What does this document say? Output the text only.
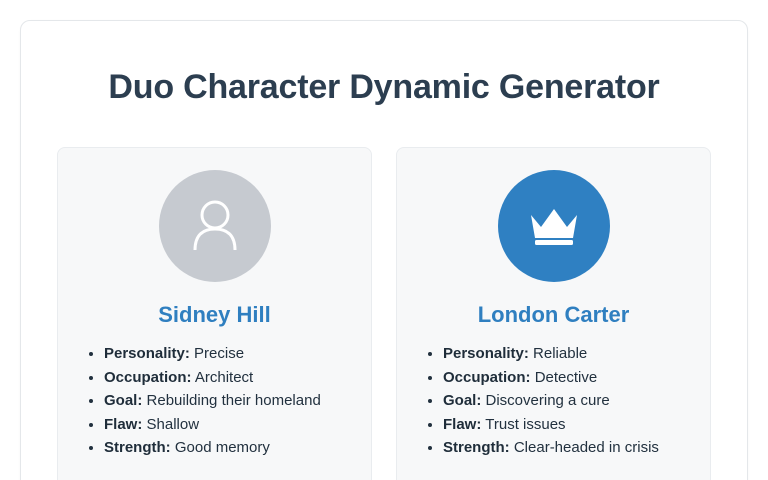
Duo Character Dynamic Generator
Sidney Hill
• Personality: Precise
• Occupation: Architect
• Goal: Rebuilding their homeland
• Flaw: Shallow
• Strength: Good memory
London Carter
• Personality: Reliable
• Occupation: Detective
• Goal: Discovering a cure
• Flaw: Trust issues
• Strength: Clear-headed in crisis
